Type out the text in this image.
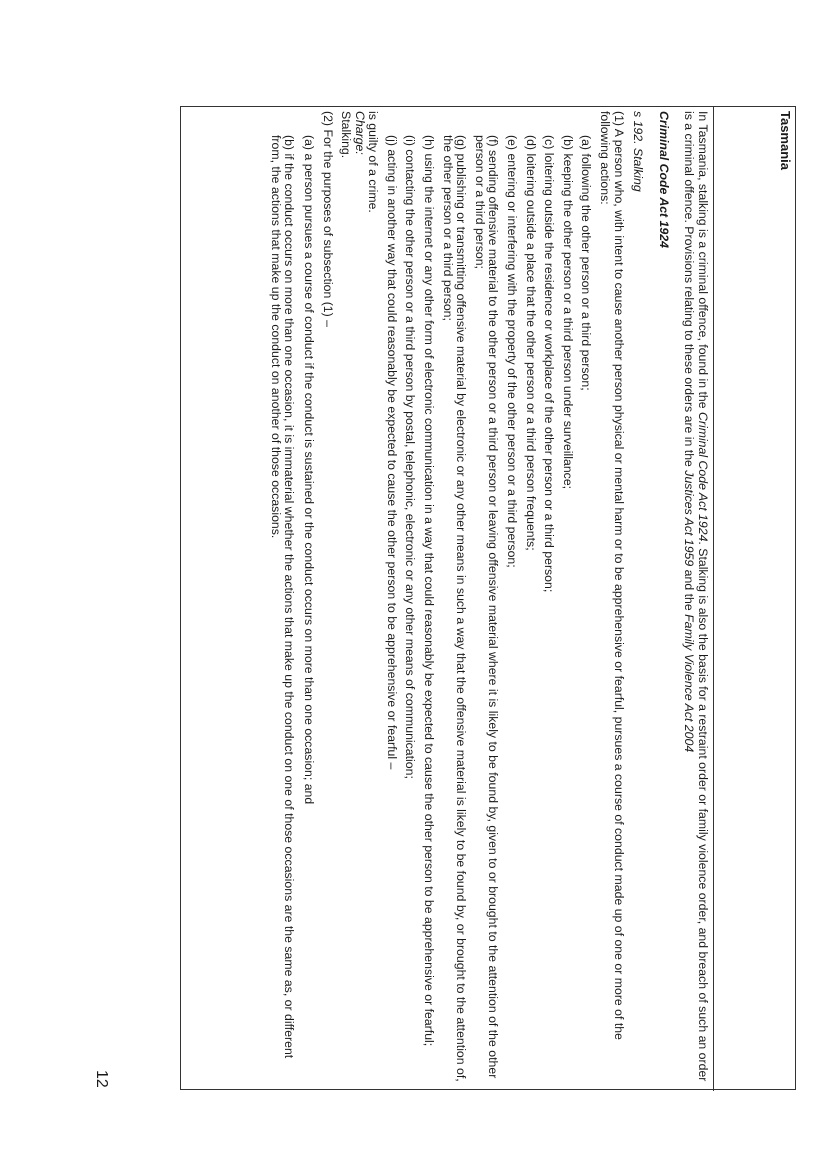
Tasmania

In Tasmania, stalking is a criminal offence, found in the Criminal Code Act 1924. Stalking is also the basis for a restraint order or family violence order, and breach of such an order is a criminal offence. Provisions relating to these orders are in the Justices Act 1959 and the Family Violence Act 2004

Criminal Code Act 1924

s 192. Stalking

(1) A person who, with intent to cause another person physical or mental harm or to be apprehensive or fearful, pursues a course of conduct made up of one or more of the following actions:

(a) following the other person or a third person;

(b) keeping the other person or a third person under surveillance;

(c) loitering outside the residence or workplace of the other person or a third person;

(d) loitering outside a place that the other person or a third person frequents;

(e) entering or interfering with the property of the other person or a third person;

(f) sending offensive material to the other person or a third person or leaving offensive material where it is likely to be found by, given to or brought to the attention of the other person or a third person;

(g) publishing or transmitting offensive material by electronic or any other means in such a way that the offensive material is likely to be found by, or brought to the attention of, the other person or a third person;

(h) using the internet or any other form of electronic communication in a way that could reasonably be expected to cause the other person to be apprehensive or fearful;

(i) contacting the other person or a third person by postal, telephonic, electronic or any other means of communication;

(j) acting in another way that could reasonably be expected to cause the other person to be apprehensive or fearful –

is guilty of a crime.

Charge:

Stalking.

(2) For the purposes of subsection (1) –

(a) a person pursues a course of conduct if the conduct is sustained or the conduct occurs on more than one occasion; and

(b) if the conduct occurs on more than one occasion, it is immaterial whether the actions that make up the conduct on one of those occasions are the same as, or different from, the actions that make up the conduct on another of those occasions.

12
